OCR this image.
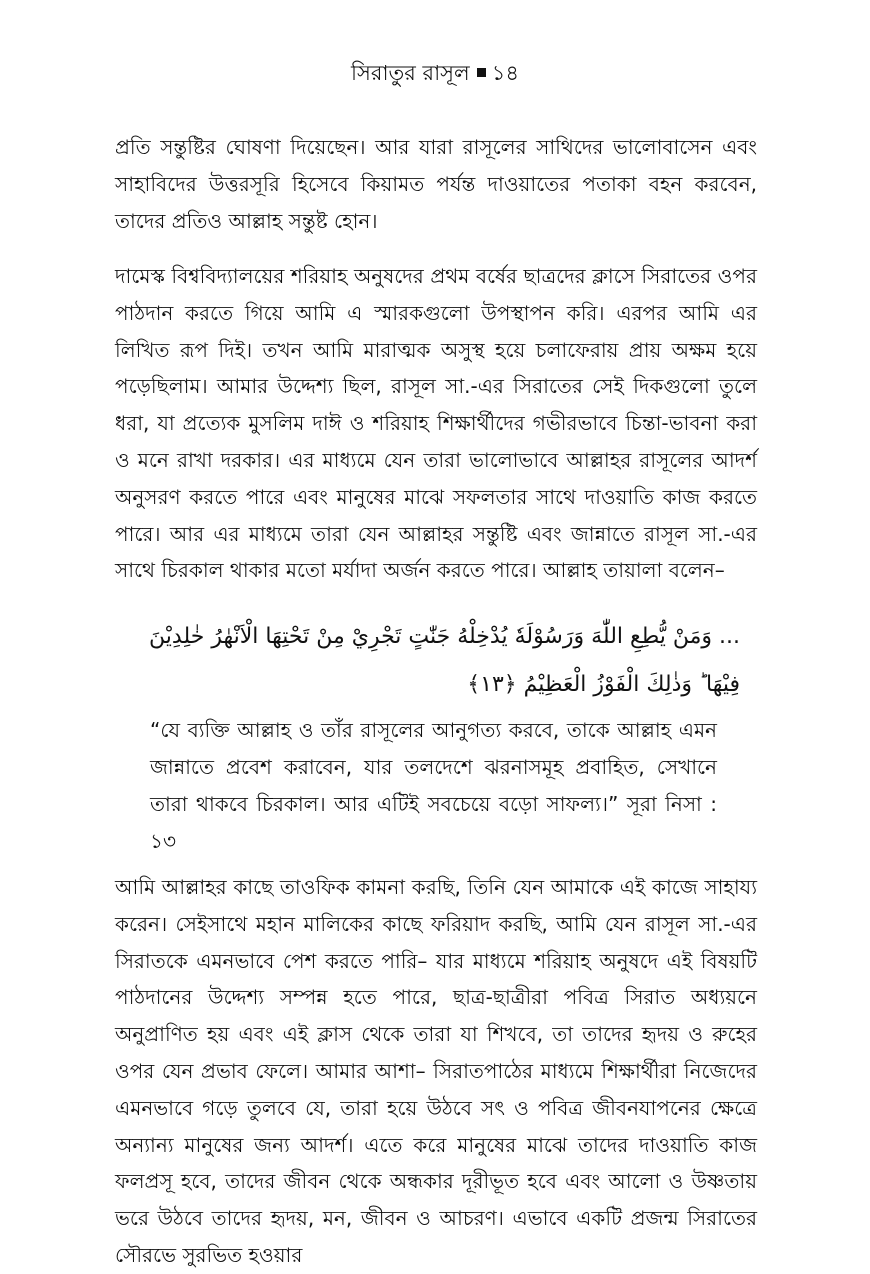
সিরাতুর রাসূল ১৪

প্রতি সন্তুষ্টির ঘোষণা দিয়েছেন। আর যারা রাসূলের সাথিদের ভালোবাসেন এবং সাহাবিদের উত্তরসূরি হিসেবে কিয়ামত পর্যন্ত দাওয়াতের পতাকা বহন করবেন, তাদের প্রতিও আল্লাহ সন্তুষ্ট হোন।

দামেস্ক বিশ্ববিদ্যালয়ের শরিয়াহ অনুষদের প্রথম বর্ষের ছাত্রদের ক্লাসে সিরাতের ওপর পাঠদান করতে গিয়ে আমি এ স্মারকগুলো উপস্থাপন করি। এরপর আমি এর লিখিত রূপ দিই। তখন আমি মারাত্মক অসুস্থ হয়ে চলাফেরায় প্রায় অক্ষম হয়ে পড়েছিলাম। আমার উদ্দেশ্য ছিল, রাসূল সা.-এর সিরাতের সেই দিকগুলো তুলে ধরা, যা প্রত্যেক মুসলিম দাঈ ও শরিয়াহ শিক্ষার্থীদের গভীরভাবে চিন্তা-ভাবনা করা ও মনে রাখা দরকার। এর মাধ্যমে যেন তারা ভালোভাবে আল্লাহর রাসূলের আদর্শ অনুসরণ করতে পারে এবং মানুষের মাঝে সফলতার সাথে দাওয়াতি কাজ করতে পারে। আর এর মাধ্যমে তারা যেন আল্লাহর সন্তুষ্টি এবং জান্নাতে রাসূল সা.-এর সাথে চিরকাল থাকার মতো মর্যাদা অর্জন করতে পারে। আল্লাহ তায়ালা বলেন–

... وَمَنْ يُّطِعِ اللّٰهَ وَرَسُوْلَهٗ يُدْخِلْهُ جَنّٰتٍ تَجْرِيْ مِنْ تَحْتِهَا الْاَنْهٰرُ خٰلِدِيْنَ

فِيْهَا ؕ وَذٰلِكَ الْفَوْزُ الْعَظِيْمُ ﴿۱۳﴾

“যে ব্যক্তি আল্লাহ ও তাঁর রাসূলের আনুগত্য করবে, তাকে আল্লাহ এমন জান্নাতে প্রবেশ করাবেন, যার তলদেশে ঝরনাসমূহ প্রবাহিত, সেখানে তারা থাকবে চিরকাল। আর এটিই সবচেয়ে বড়ো সাফল্য।” সূরা নিসা : ১৩

আমি আল্লাহর কাছে তাওফিক কামনা করছি, তিনি যেন আমাকে এই কাজে সাহায্য করেন। সেইসাথে মহান মালিকের কাছে ফরিয়াদ করছি, আমি যেন রাসূল সা.-এর সিরাতকে এমনভাবে পেশ করতে পারি– যার মাধ্যমে শরিয়াহ অনুষদে এই বিষয়টি পাঠদানের উদ্দেশ্য সম্পন্ন হতে পারে, ছাত্র-ছাত্রীরা পবিত্র সিরাত অধ্যয়নে অনুপ্রাণিত হয় এবং এই ক্লাস থেকে তারা যা শিখবে, তা তাদের হৃদয় ও রুহের ওপর যেন প্রভাব ফেলে। আমার আশা– সিরাতপাঠের মাধ্যমে শিক্ষার্থীরা নিজেদের এমনভাবে গড়ে তুলবে যে, তারা হয়ে উঠবে সৎ ও পবিত্র জীবনযাপনের ক্ষেত্রে অন্যান্য মানুষের জন্য আদর্শ। এতে করে মানুষের মাঝে তাদের দাওয়াতি কাজ ফলপ্রসূ হবে, তাদের জীবন থেকে অন্ধকার দূরীভূত হবে এবং আলো ও উষ্ণতায় ভরে উঠবে তাদের হৃদয়, মন, জীবন ও আচরণ। এভাবে একটি প্রজন্ম সিরাতের সৌরভে সুরভিত হওয়ার
